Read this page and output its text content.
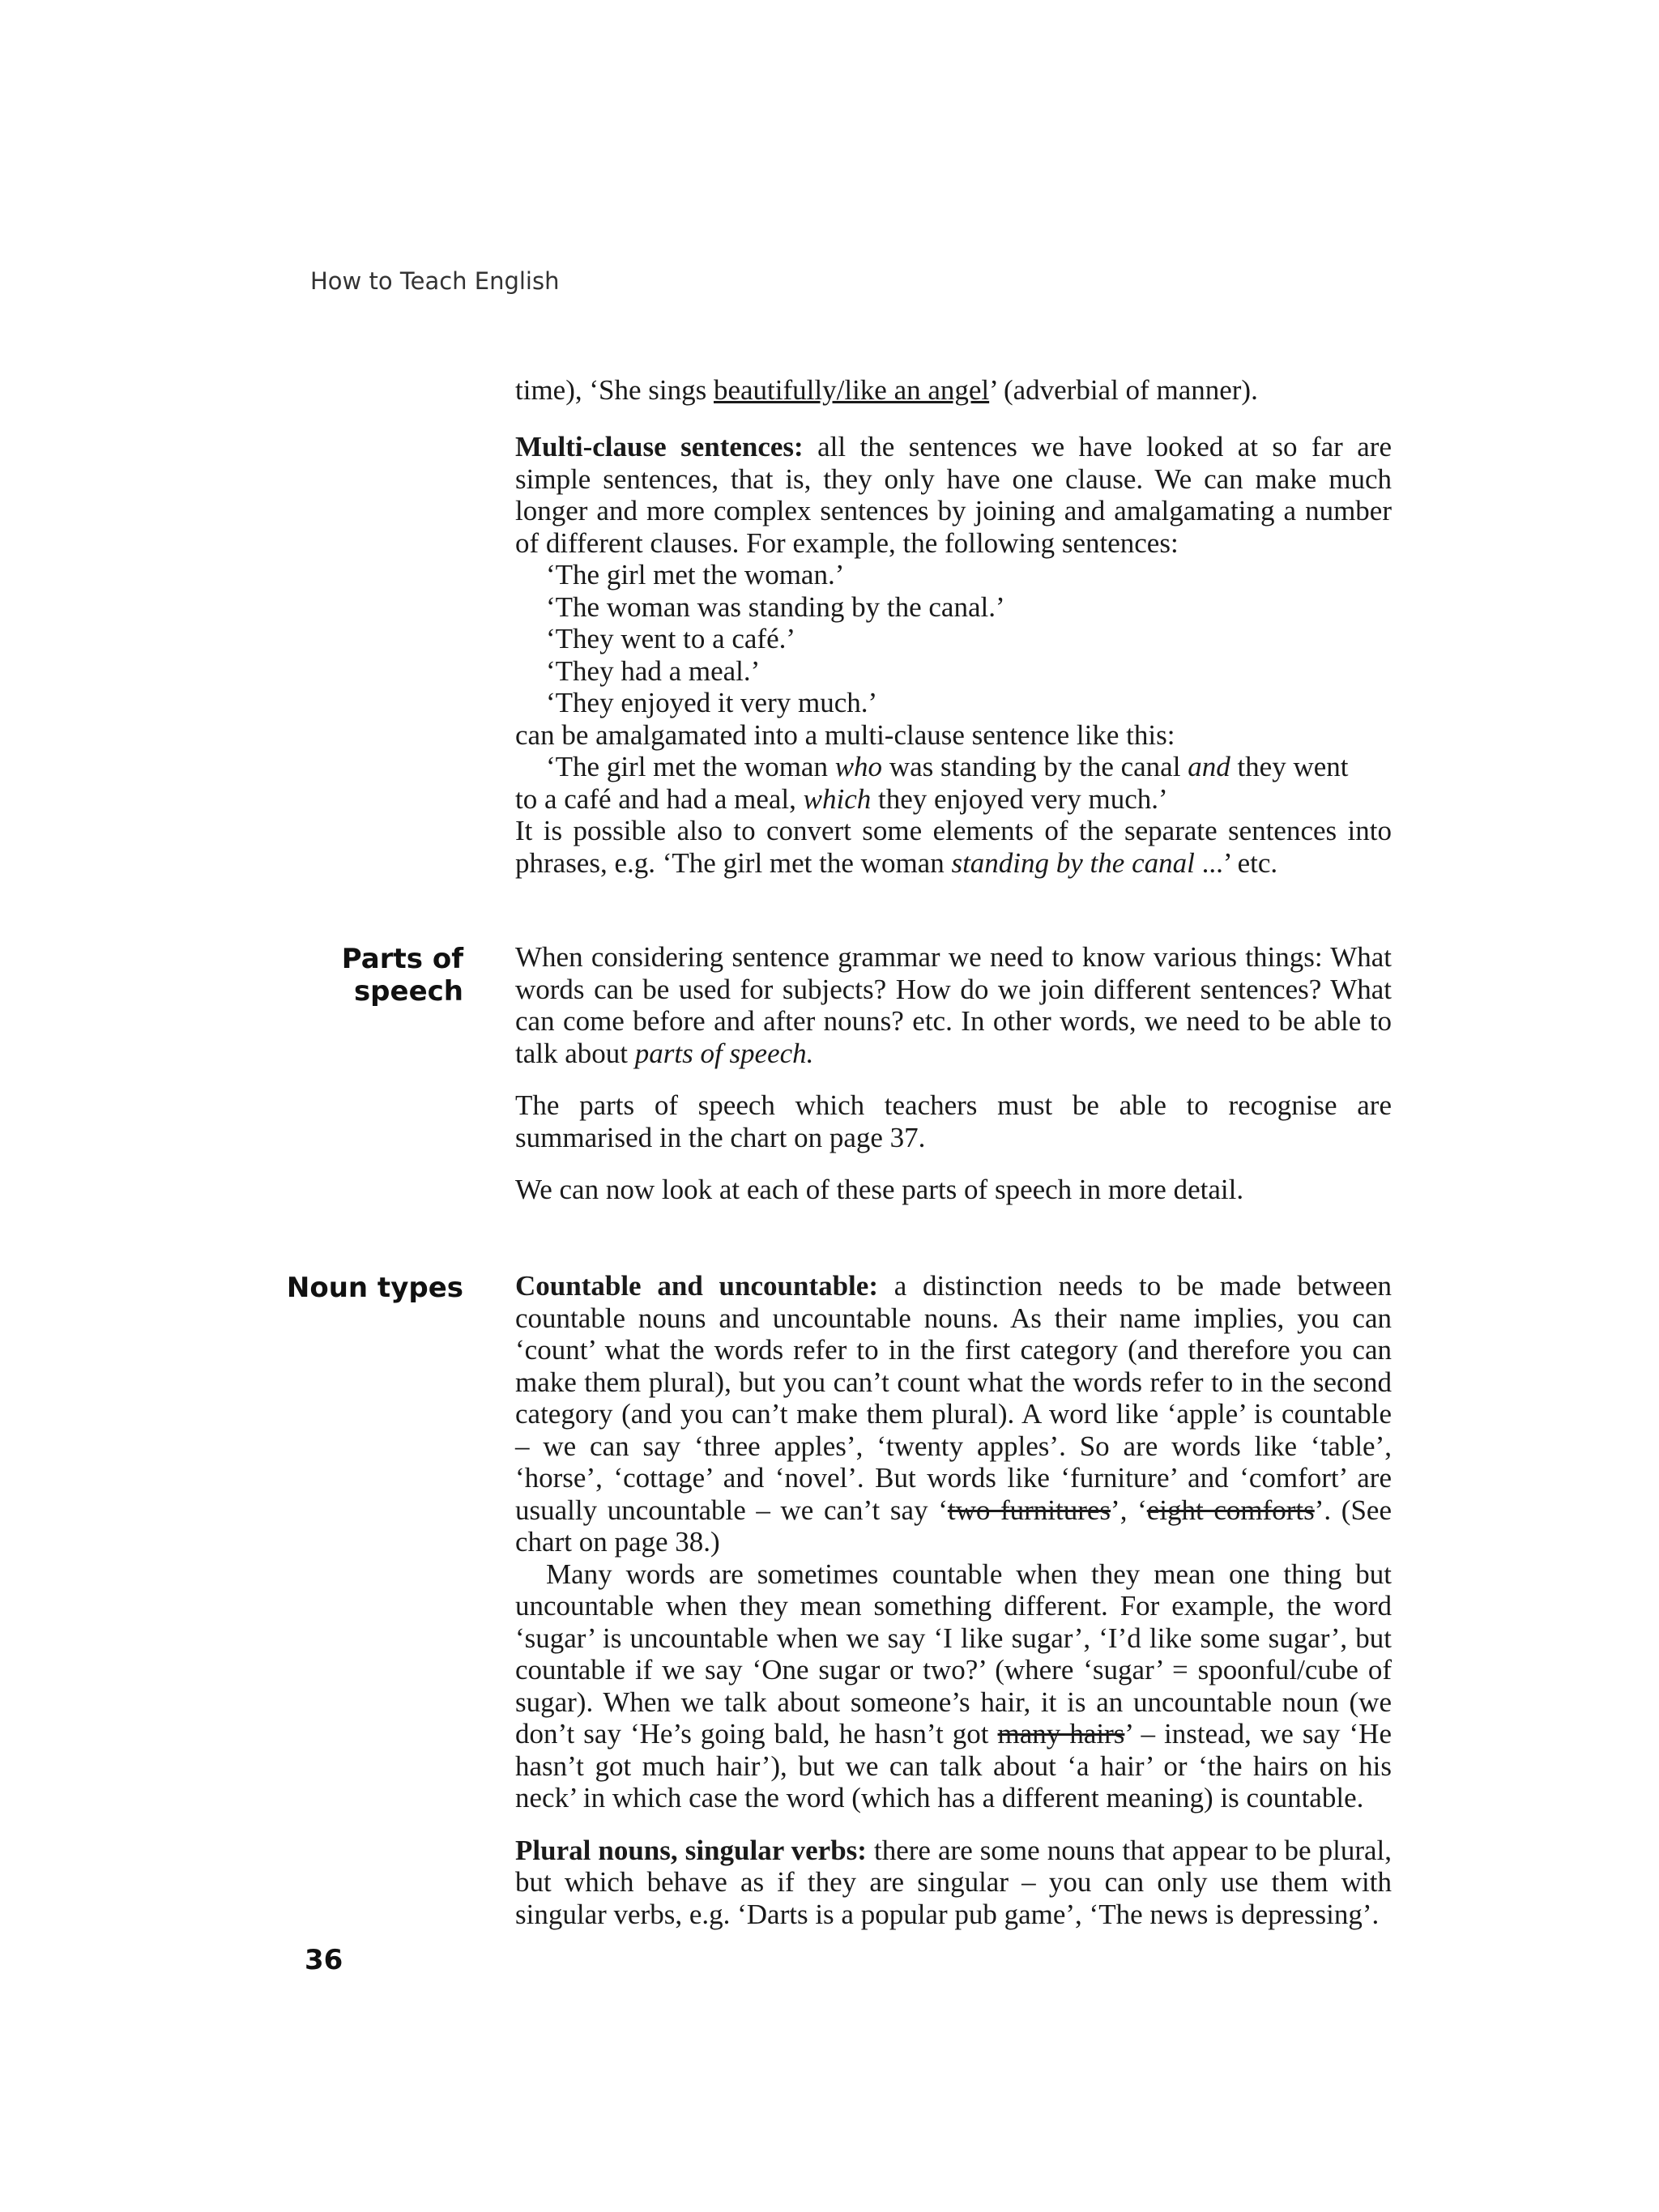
How to Teach English

time), ‘She sings beautifully/like an angel’ (adverbial of manner).

Multi-clause sentences: all the sentences we have looked at so far are simple sentences, that is, they only have one clause. We can make much longer and more complex sentences by joining and amalgamating a number of different clauses. For example, the following sentences:

‘The girl met the woman.’

‘The woman was standing by the canal.’

‘They went to a café.’

‘They had a meal.’

‘They enjoyed it very much.’

can be amalgamated into a multi-clause sentence like this:

‘The girl met the woman who was standing by the canal and they went

to a café and had a meal, which they enjoyed very much.’

It is possible also to convert some elements of the separate sentences into phrases, e.g. ‘The girl met the woman standing by the canal ...’ etc.

Parts of speech

When considering sentence grammar we need to know various things: What words can be used for subjects? How do we join different sentences? What can come before and after nouns? etc. In other words, we need to be able to talk about parts of speech.

The parts of speech which teachers must be able to recognise are summarised in the chart on page 37.

We can now look at each of these parts of speech in more detail.

Noun types Countable and uncountable: a distinction needs to be made between countable nouns and uncountable nouns. As their name implies, you can ‘count’ what the words refer to in the first category (and therefore you can make them plural), but you can’t count what the words refer to in the second category (and you can’t make them plural). A word like ‘apple’ is countable – we can say ‘three apples’, ‘twenty apples’. So are words like ‘table’, ‘horse’, ‘cottage’ and ‘novel’. But words like ‘furniture’ and ‘comfort’ are usually uncountable – we can’t say ‘two furnitures’, ‘eight comforts’. (See chart on page 38.)

Many words are sometimes countable when they mean one thing but uncountable when they mean something different. For example, the word ‘sugar’ is uncountable when we say ‘I like sugar’, ‘I’d like some sugar’, but countable if we say ‘One sugar or two?’ (where ‘sugar’ = spoonful/cube of sugar). When we talk about someone’s hair, it is an uncountable noun (we don’t say ‘He’s going bald, he hasn’t got many hairs’ – instead, we say ‘He hasn’t got much hair’), but we can talk about ‘a hair’ or ‘the hairs on his neck’ in which case the word (which has a different meaning) is countable.

Plural nouns, singular verbs: there are some nouns that appear to be plural, but which behave as if they are singular – you can only use them with singular verbs, e.g. ‘Darts is a popular pub game’, ‘The news is depressing’.

36
